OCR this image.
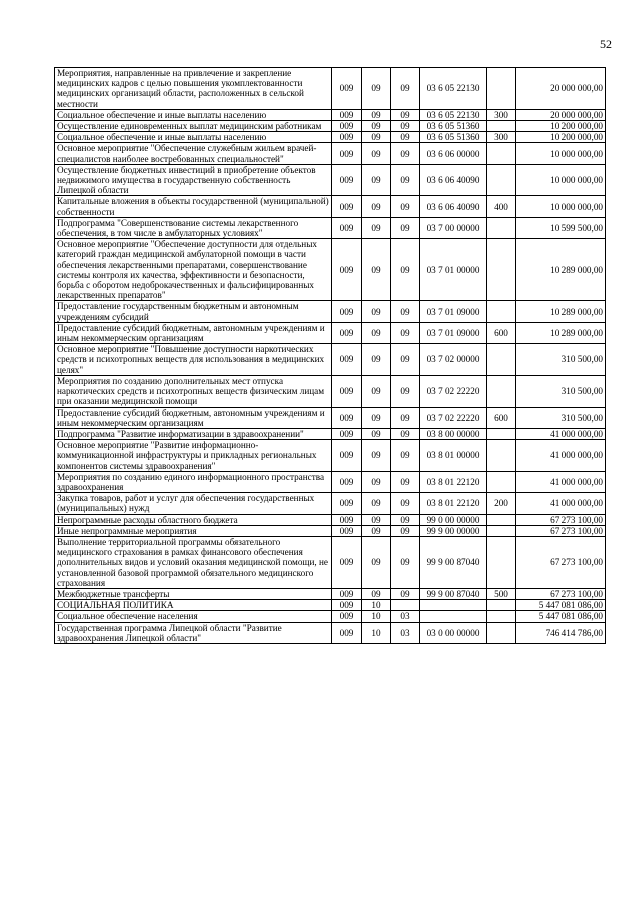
52
Мероприятия, направленные на привлечение и закрепление медицинских кадров с целью повышения укомплектованности медицинских организаций области, расположенных в сельской местности	009	09	09	03 6 05 22130		20 000 000,00
Социальное обеспечение и иные выплаты населению	009	09	09	03 6 05 22130	300	20 000 000,00
Осуществление единовременных выплат медицинским работникам	009	09	09	03 6 05 51360		10 200 000,00
Социальное обеспечение и иные выплаты населению	009	09	09	03 6 05 51360	300	10 200 000,00
Основное мероприятие "Обеспечение служебным жильем врачей-специалистов наиболее востребованных специальностей"	009	09	09	03 6 06 00000		10 000 000,00
Осуществление бюджетных инвестиций в приобретение объектов недвижимого имущества в государственную собственность Липецкой области	009	09	09	03 6 06 40090		10 000 000,00
Капитальные вложения в объекты государственной (муниципальной) собственности	009	09	09	03 6 06 40090	400	10 000 000,00
Подпрограмма "Совершенствование системы лекарственного обеспечения, в том числе в амбулаторных условиях"	009	09	09	03 7 00 00000		10 599 500,00
Основное мероприятие "Обеспечение доступности для отдельных категорий граждан медицинской амбулаторной помощи в части обеспечения лекарственными препаратами, совершенствование системы контроля их качества, эффективности и безопасности, борьба с оборотом недоброкачественных и фальсифицированных лекарственных препаратов"	009	09	09	03 7 01 00000		10 289 000,00
Предоставление государственным бюджетным и автономным учреждениям субсидий	009	09	09	03 7 01 09000		10 289 000,00
Предоставление субсидий бюджетным, автономным учреждениям и иным некоммерческим организациям	009	09	09	03 7 01 09000	600	10 289 000,00
Основное мероприятие "Повышение доступности наркотических средств и психотропных веществ для использования в медицинских целях"	009	09	09	03 7 02 00000		310 500,00
Мероприятия по созданию дополнительных мест отпуска наркотических средств и психотропных веществ физическим лицам при оказании медицинской помощи	009	09	09	03 7 02 22220		310 500,00
Предоставление субсидий бюджетным, автономным учреждениям и иным некоммерческим организациям	009	09	09	03 7 02 22220	600	310 500,00
Подпрограмма "Развитие информатизации в здравоохранении"	009	09	09	03 8 00 00000		41 000 000,00
Основное мероприятие "Развитие информационно-коммуникационной инфраструктуры и прикладных региональных компонентов системы здравоохранения"	009	09	09	03 8 01 00000		41 000 000,00
Мероприятия по созданию единого информационного пространства здравоохранения	009	09	09	03 8 01 22120		41 000 000,00
Закупка товаров, работ и услуг для обеспечения государственных (муниципальных) нужд	009	09	09	03 8 01 22120	200	41 000 000,00
Непрограммные расходы областного бюджета	009	09	09	99 0 00 00000		67 273 100,00
Иные непрограммные мероприятия	009	09	09	99 9 00 00000		67 273 100,00
Выполнение территориальной программы обязательного медицинского страхования в рамках финансового обеспечения дополнительных видов и условий оказания медицинской помощи, не установленной базовой программой обязательного медицинского страхования	009	09	09	99 9 00 87040		67 273 100,00
Межбюджетные трансферты	009	09	09	99 9 00 87040	500	67 273 100,00
СОЦИАЛЬНАЯ ПОЛИТИКА	009	10				5 447 081 086,00
Социальное обеспечение населения	009	10	03			5 447 081 086,00
Государственная программа Липецкой области "Развитие здравоохранения Липецкой области"	009	10	03	03 0 00 00000		746 414 786,00
